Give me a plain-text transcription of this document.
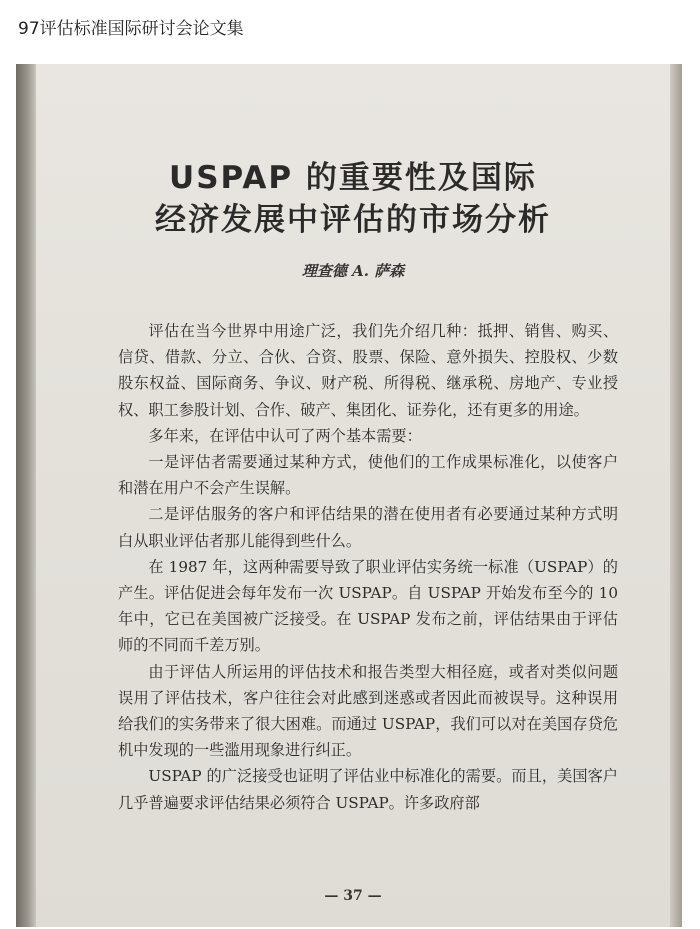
97评估标准国际研讨会论文集
USPAP 的重要性及国际
经济发展中评估的市场分析
理查德 A. 萨森

评估在当今世界中用途广泛，我们先介绍几种：抵押、销售、购买、信贷、借款、分立、合伙、合资、股票、保险、意外损失、控股权、少数股东权益、国际商务、争议、财产税、所得税、继承税、房地产、专业授权、职工参股计划、合作、破产、集团化、证券化，还有更多的用途。

多年来，在评估中认可了两个基本需要：

一是评估者需要通过某种方式，使他们的工作成果标准化，以使客户和潜在用户不会产生误解。

二是评估服务的客户和评估结果的潜在使用者有必要通过某种方式明白从职业评估者那儿能得到些什么。

在 1987 年，这两种需要导致了职业评估实务统一标准（USPAP）的产生。评估促进会每年发布一次 USPAP。自 USPAP 开始发布至今的 10 年中，它已在美国被广泛接受。在 USPAP 发布之前，评估结果由于评估师的不同而千差万别。

由于评估人所运用的评估技术和报告类型大相径庭，或者对类似问题误用了评估技术，客户往往会对此感到迷惑或者因此而被误导。这种误用给我们的实务带来了很大困难。而通过 USPAP，我们可以对在美国存贷危机中发现的一些滥用现象进行纠正。

USPAP 的广泛接受也证明了评估业中标准化的需要。而且，美国客户几乎普遍要求评估结果必须符合 USPAP。许多政府部

— 37 —
